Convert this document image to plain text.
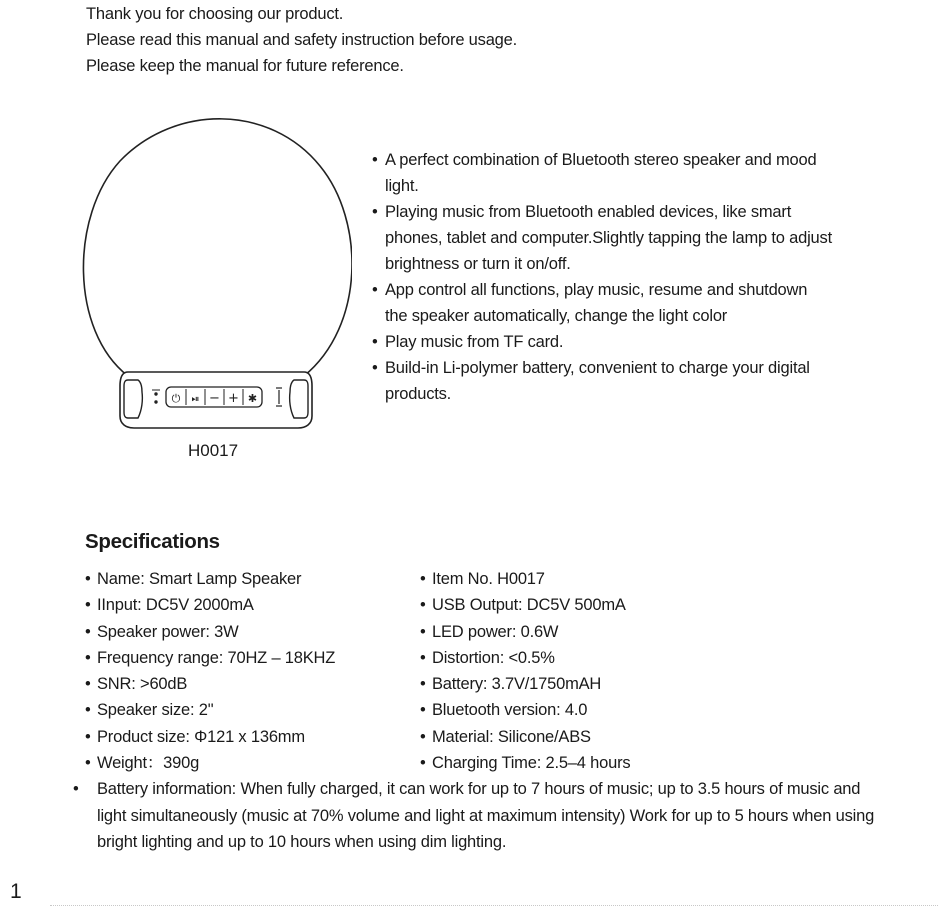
Thank you for choosing our product.
Please read this manual and safety instruction before usage.
Please keep the manual for future reference.
⏻ ⏯ − + ✱
H0017
• A perfect combination of Bluetooth stereo speaker and mood light.
• Playing music from Bluetooth enabled devices, like smart phones, tablet and computer.Slightly tapping the lamp to adjust brightness or turn it on/off.
• App control all functions, play music, resume and shutdown the speaker automatically, change the light color
• Play music from TF card.
• Build-in Li-polymer battery, convenient to charge your digital products.
Specifications
• Name: Smart Lamp Speaker	• Item No. H0017
• IInput: DC5V 2000mA	• USB Output: DC5V 500mA
• Speaker power: 3W	• LED power: 0.6W
• Frequency range: 70HZ – 18KHZ	• Distortion: <0.5%
• SNR: >60dB	• Battery: 3.7V/1750mAH
• Speaker size: 2"	• Bluetooth version: 4.0
• Product size: Φ121 x 136mm	• Material: Silicone/ABS
• Weight：390g	• Charging Time: 2.5–4 hours
• Battery information: When fully charged, it can work for up to 7 hours of music; up to 3.5 hours of music and light simultaneously (music at 70% volume and light at maximum intensity) Work for up to 5 hours when using bright lighting and up to 10 hours when using dim lighting.
1
